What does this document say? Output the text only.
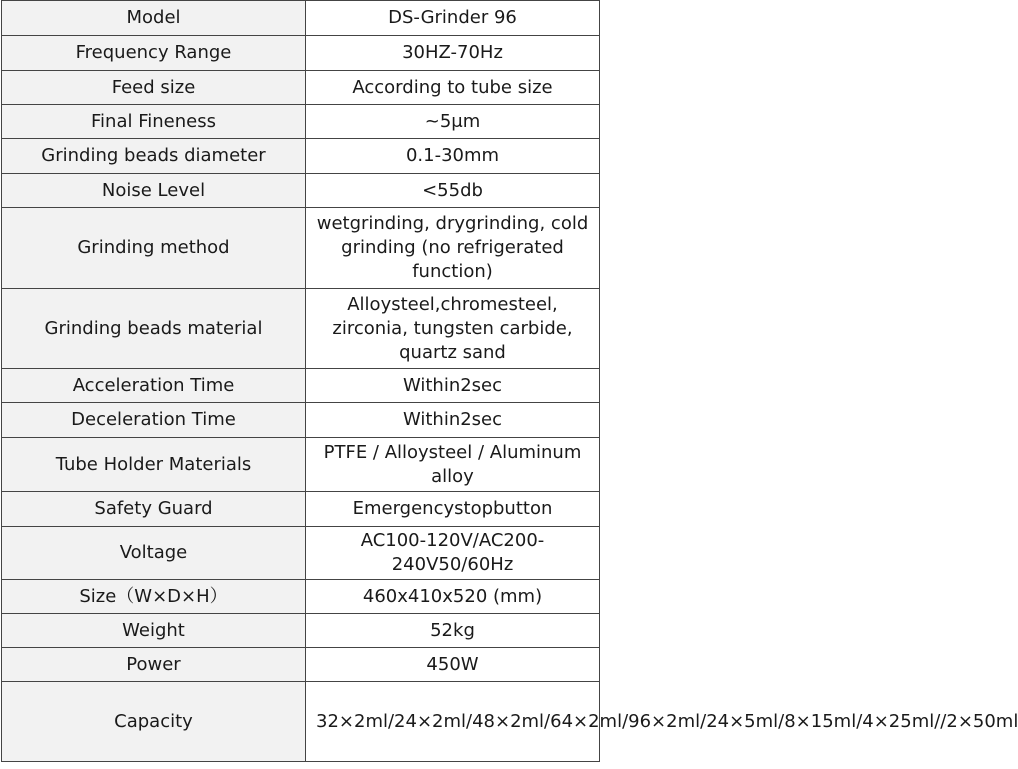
Model	DS-Grinder 96
Frequency Range	30HZ-70Hz
Feed size	According to tube size
Final Fineness	~5μm
Grinding beads diameter	0.1-30mm
Noise Level	<55db
Grinding method	wetgrinding, drygrinding, cold grinding (no refrigerated function)
Grinding beads material	Alloysteel,chromesteel, zirconia, tungsten carbide, quartz sand
Acceleration Time	Within2sec
Deceleration Time	Within2sec
Tube Holder Materials	PTFE / Alloysteel / Aluminum alloy
Safety Guard	Emergencystopbutton
Voltage	AC100-120V/AC200-240V50/60Hz
Size（W×D×H）	460x410x520 (mm)
Weight	52kg
Power	450W
Capacity	32×2ml/24×2ml/48×2ml/64×2ml/96×2ml/24×5ml/8×15ml/4×25ml//2×50ml
